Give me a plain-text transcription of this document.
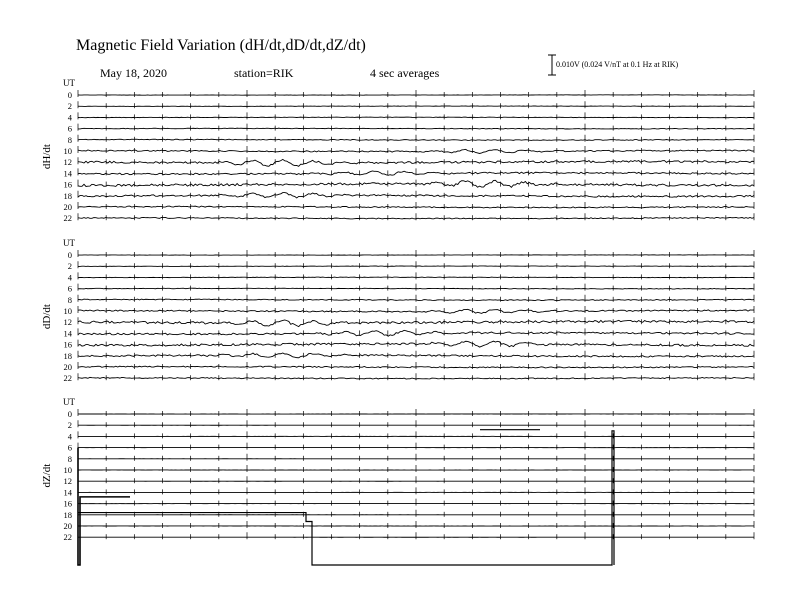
Magnetic Field Variation (dH/dt,dD/dt,dZ/dt)
May 18, 2020	station=RIK	4 sec averages
0.010V (0.024 V/nT at 0.1 Hz at RIK)
UT
dH/dt
0
2
4
6
8
10
12
14
16
18
20
22
UT
dD/dt
0
2
4
6
8
10
12
14
16
18
20
22
UT
dZ/dt
0
2
4
6
8
10
12
14
16
18
20
22
